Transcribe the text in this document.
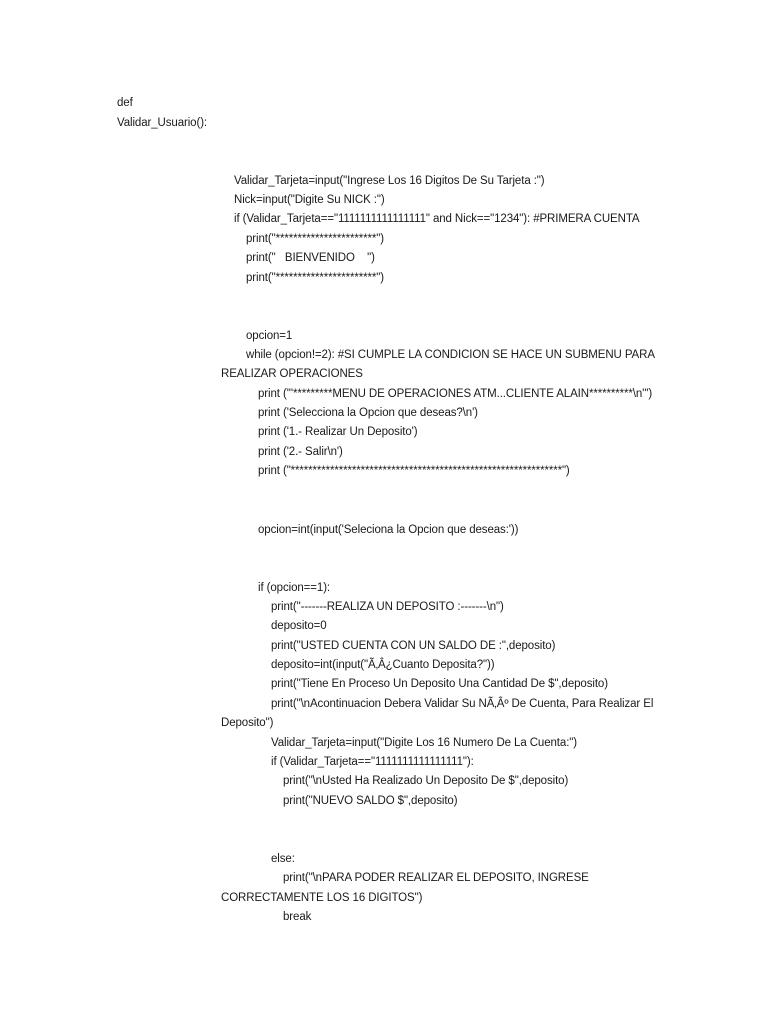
def
Validar_Usuario():
Validar_Tarjeta=input("Ingrese Los 16 Digitos De Su Tarjeta :")
Nick=input("Digite Su NICK :")
if (Validar_Tarjeta=="1111111111111111" and Nick=="1234"): #PRIMERA CUENTA
print("***********************")
print("   BIENVENIDO    ")
print("***********************")
opcion=1
while (opcion!=2): #SI CUMPLE LA CONDICION SE HACE UN SUBMENU PARA
REALIZAR OPERACIONES
print ('''*********MENU DE OPERACIONES ATM...CLIENTE ALAIN**********\n''')
print ('Selecciona la Opcion que deseas?\n')
print ('1.- Realizar Un Deposito')
print ('2.- Salir\n')
print ("**************************************************************")
opcion=int(input('Seleciona la Opcion que deseas:'))
if (opcion==1):
print("-------REALIZA UN DEPOSITO :-------\n")
deposito=0
print("USTED CUENTA CON UN SALDO DE :",deposito)
deposito=int(input("Ã‚Â¿Cuanto Deposita?"))
print("Tiene En Proceso Un Deposito Una Cantidad De $",deposito)
print("\nAcontinuacion Debera Validar Su NÃ‚Âº De Cuenta, Para Realizar El
Deposito")
Validar_Tarjeta=input("Digite Los 16 Numero De La Cuenta:")
if (Validar_Tarjeta=="1111111111111111"):
print("\nUsted Ha Realizado Un Deposito De $",deposito)
print("NUEVO SALDO $",deposito)
else:
print("\nPARA PODER REALIZAR EL DEPOSITO, INGRESE
CORRECTAMENTE LOS 16 DIGITOS")
break
